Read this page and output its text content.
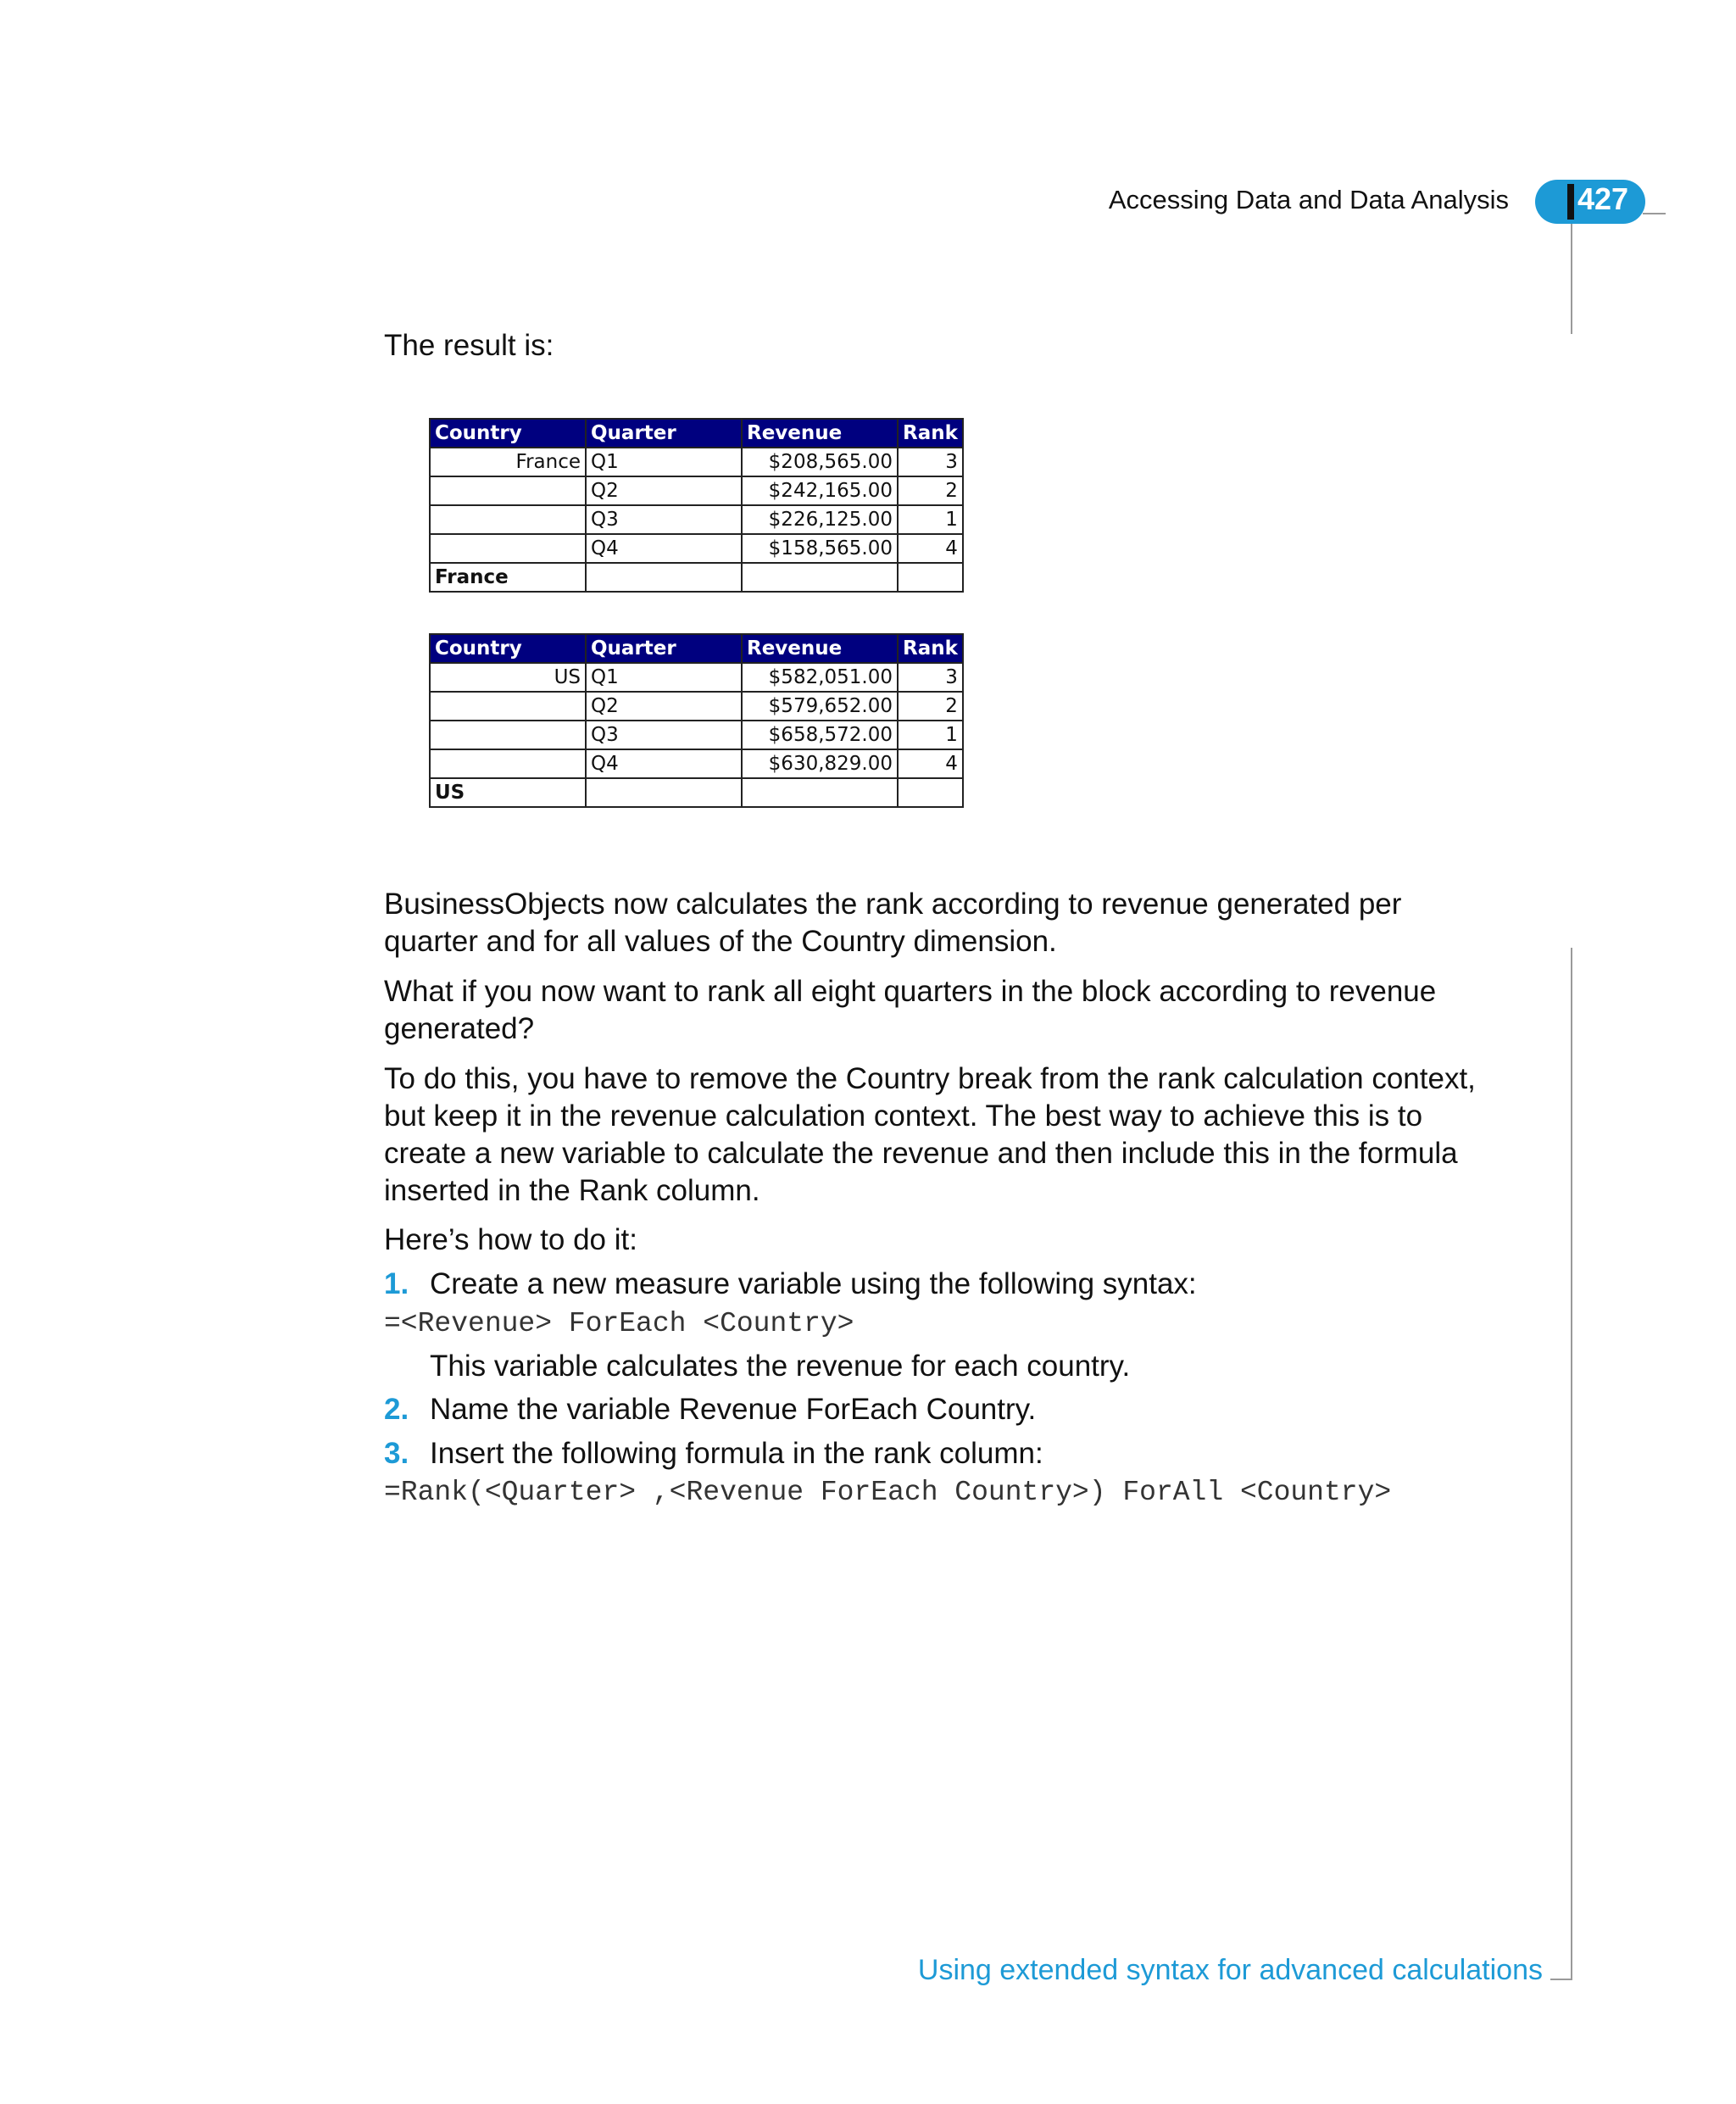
Accessing Data and Data Analysis 427
The result is:
Country	Quarter	Revenue	Rank
France	Q1	$208,565.00	3
	Q2	$242,165.00	2
	Q3	$226,125.00	1
	Q4	$158,565.00	4
France			
Country	Quarter	Revenue	Rank
US	Q1	$582,051.00	3
	Q2	$579,652.00	2
	Q3	$658,572.00	1
	Q4	$630,829.00	4
US			
BusinessObjects now calculates the rank according to revenue generated per quarter and for all values of the Country dimension.
What if you now want to rank all eight quarters in the block according to revenue generated?
To do this, you have to remove the Country break from the rank calculation context, but keep it in the revenue calculation context. The best way to achieve this is to create a new variable to calculate the revenue and then include this in the formula inserted in the Rank column.
Here’s how to do it:
1. Create a new measure variable using the following syntax:
=<Revenue> ForEach <Country>
This variable calculates the revenue for each country.
2. Name the variable Revenue ForEach Country.
3. Insert the following formula in the rank column:
=Rank(<Quarter> ,<Revenue ForEach Country>) ForAll <Country>
Using extended syntax for advanced calculations
